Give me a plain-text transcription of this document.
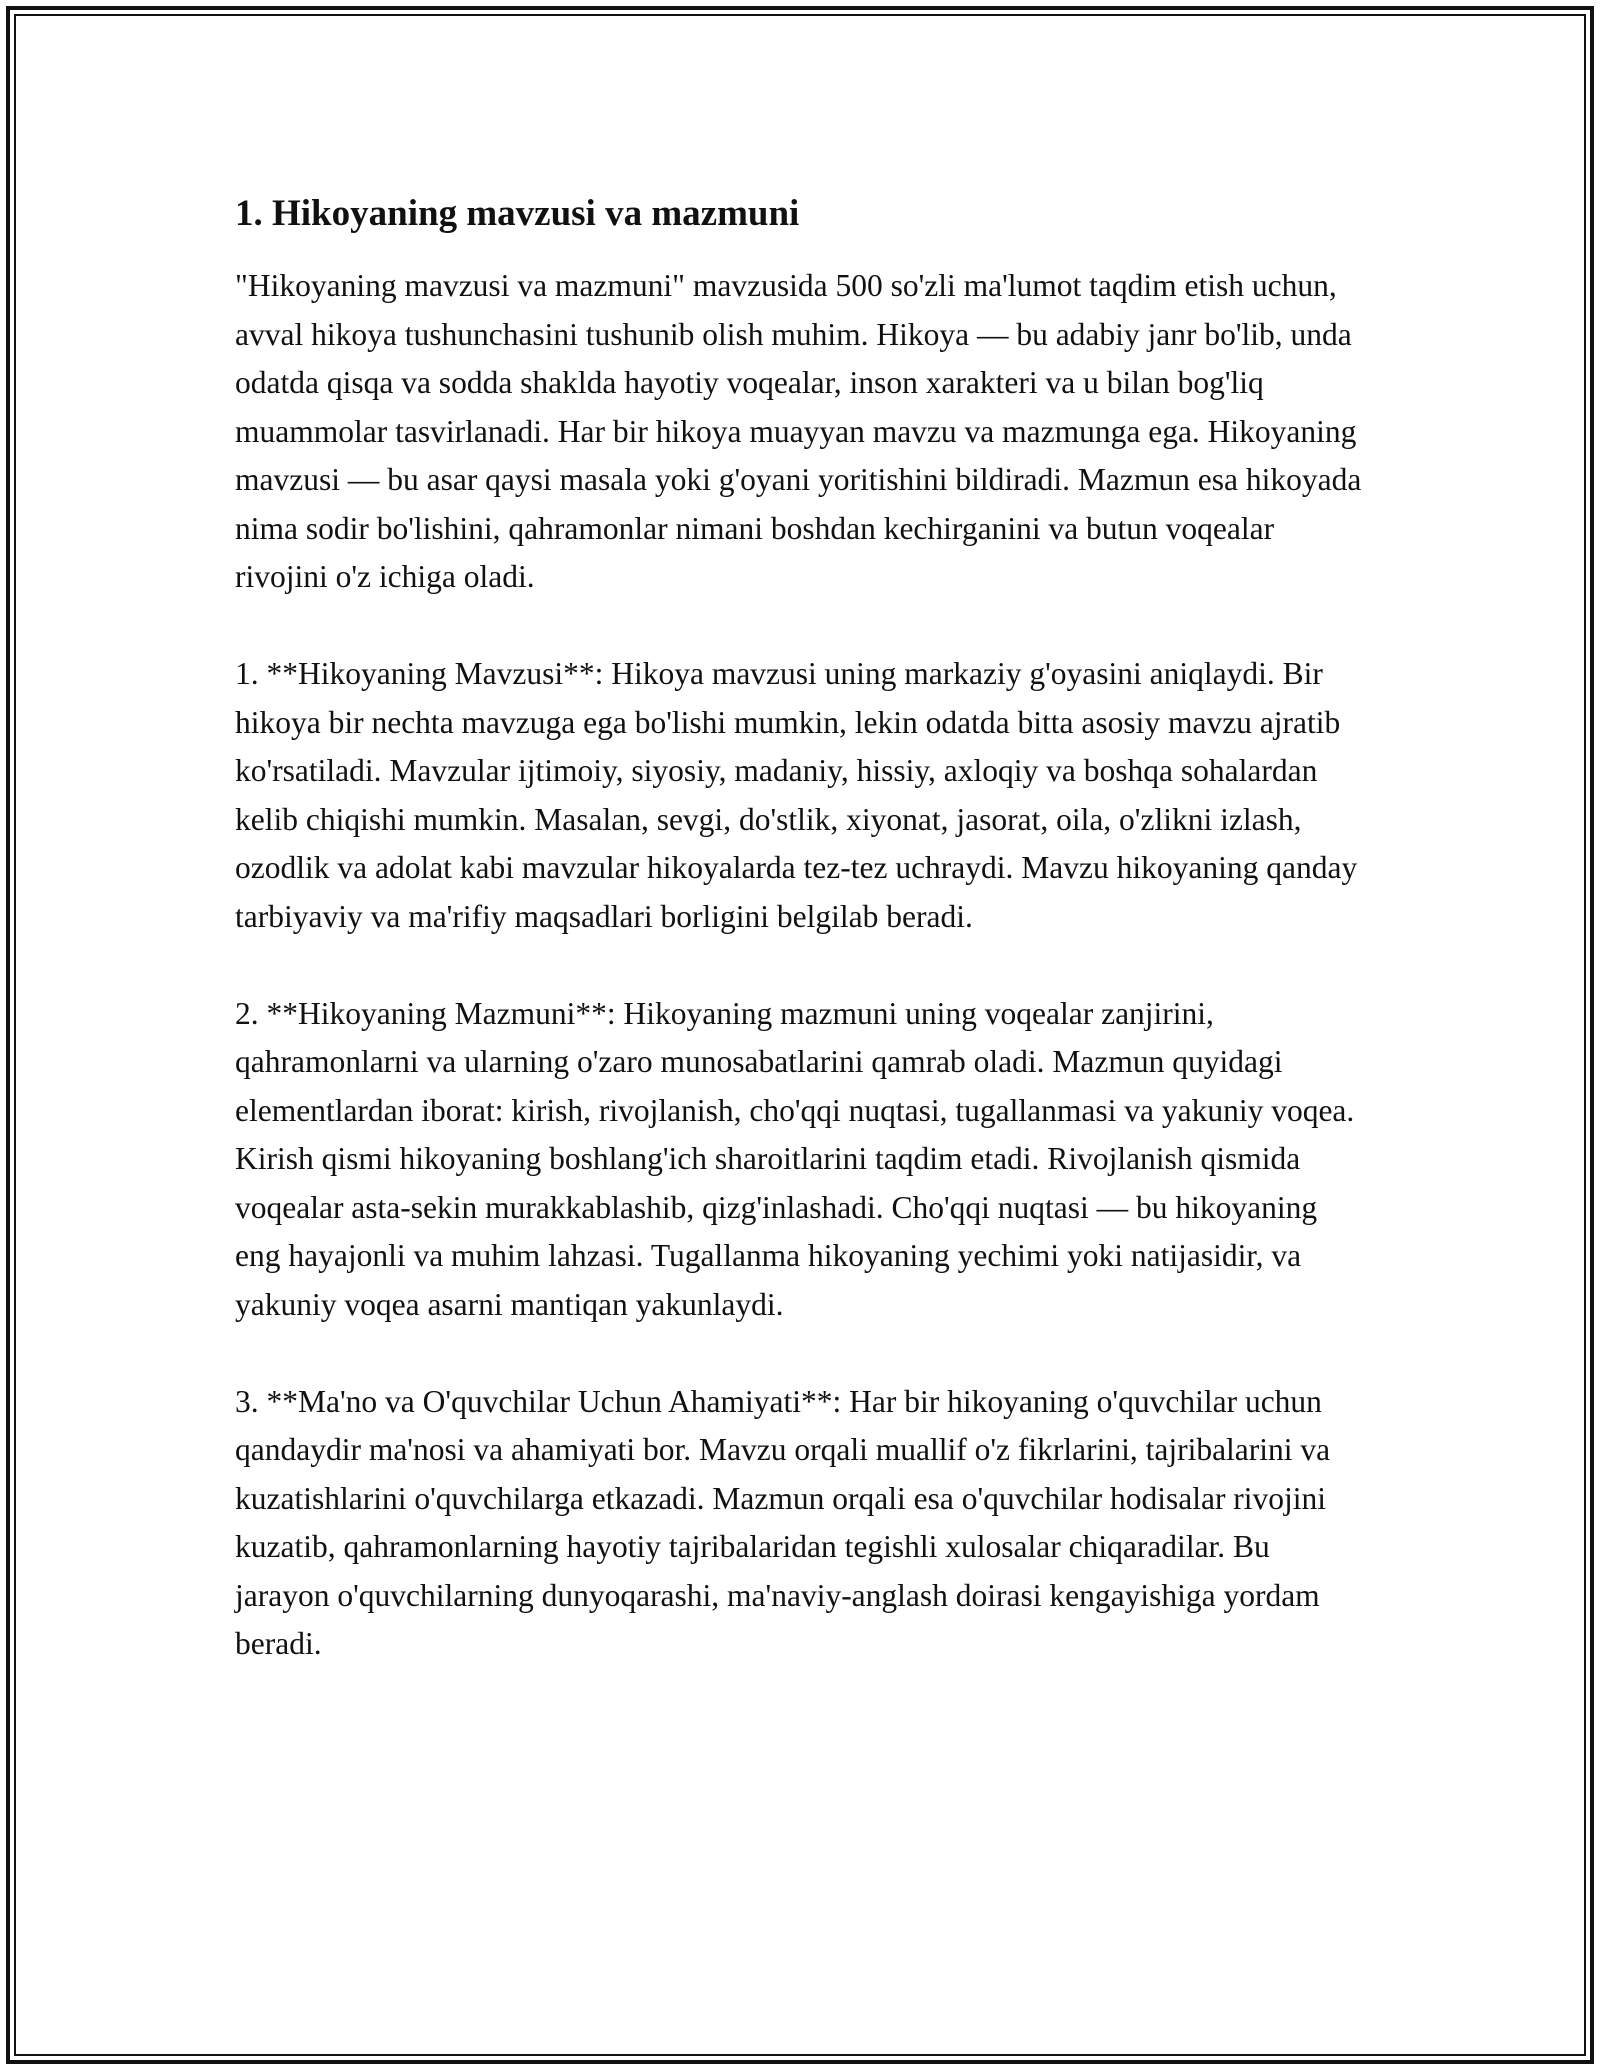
1. Hikoyaning mavzusi va mazmuni

"Hikoyaning mavzusi va mazmuni" mavzusida 500 so'zli ma'lumot taqdim etish uchun, avval hikoya tushunchasini tushunib olish muhim. Hikoya — bu adabiy janr bo'lib, unda odatda qisqa va sodda shaklda hayotiy voqealar, inson xarakteri va u bilan bog'liq muammolar tasvirlanadi. Har bir hikoya muayyan mavzu va mazmunga ega. Hikoyaning mavzusi — bu asar qaysi masala yoki g'oyani yoritishini bildiradi. Mazmun esa hikoyada nima sodir bo'lishini, qahramonlar nimani boshdan kechirganini va butun voqealar rivojini o'z ichiga oladi.

1. **Hikoyaning Mavzusi**: Hikoya mavzusi uning markaziy g'oyasini aniqlaydi. Bir hikoya bir nechta mavzuga ega bo'lishi mumkin, lekin odatda bitta asosiy mavzu ajratib ko'rsatiladi. Mavzular ijtimoiy, siyosiy, madaniy, hissiy, axloqiy va boshqa sohalardan kelib chiqishi mumkin. Masalan, sevgi, do'stlik, xiyonat, jasorat, oila, o'zlikni izlash, ozodlik va adolat kabi mavzular hikoyalarda tez-tez uchraydi. Mavzu hikoyaning qanday tarbiyaviy va ma'rifiy maqsadlari borligini belgilab beradi.

2. **Hikoyaning Mazmuni**: Hikoyaning mazmuni uning voqealar zanjirini, qahramonlarni va ularning o'zaro munosabatlarini qamrab oladi. Mazmun quyidagi elementlardan iborat: kirish, rivojlanish, cho'qqi nuqtasi, tugallanmasi va yakuniy voqea. Kirish qismi hikoyaning boshlang'ich sharoitlarini taqdim etadi. Rivojlanish qismida voqealar asta-sekin murakkablashib, qizg'inlashadi. Cho'qqi nuqtasi — bu hikoyaning eng hayajonli va muhim lahzasi. Tugallanma hikoyaning yechimi yoki natijasidir, va yakuniy voqea asarni mantiqan yakunlaydi.

3. **Ma'no va O'quvchilar Uchun Ahamiyati**: Har bir hikoyaning o'quvchilar uchun qandaydir ma'nosi va ahamiyati bor. Mavzu orqali muallif o'z fikrlarini, tajribalarini va kuzatishlarini o'quvchilarga etkazadi. Mazmun orqali esa o'quvchilar hodisalar rivojini kuzatib, qahramonlarning hayotiy tajribalaridan tegishli xulosalar chiqaradilar. Bu jarayon o'quvchilarning dunyoqarashi, ma'naviy-anglash doirasi kengayishiga yordam beradi.
